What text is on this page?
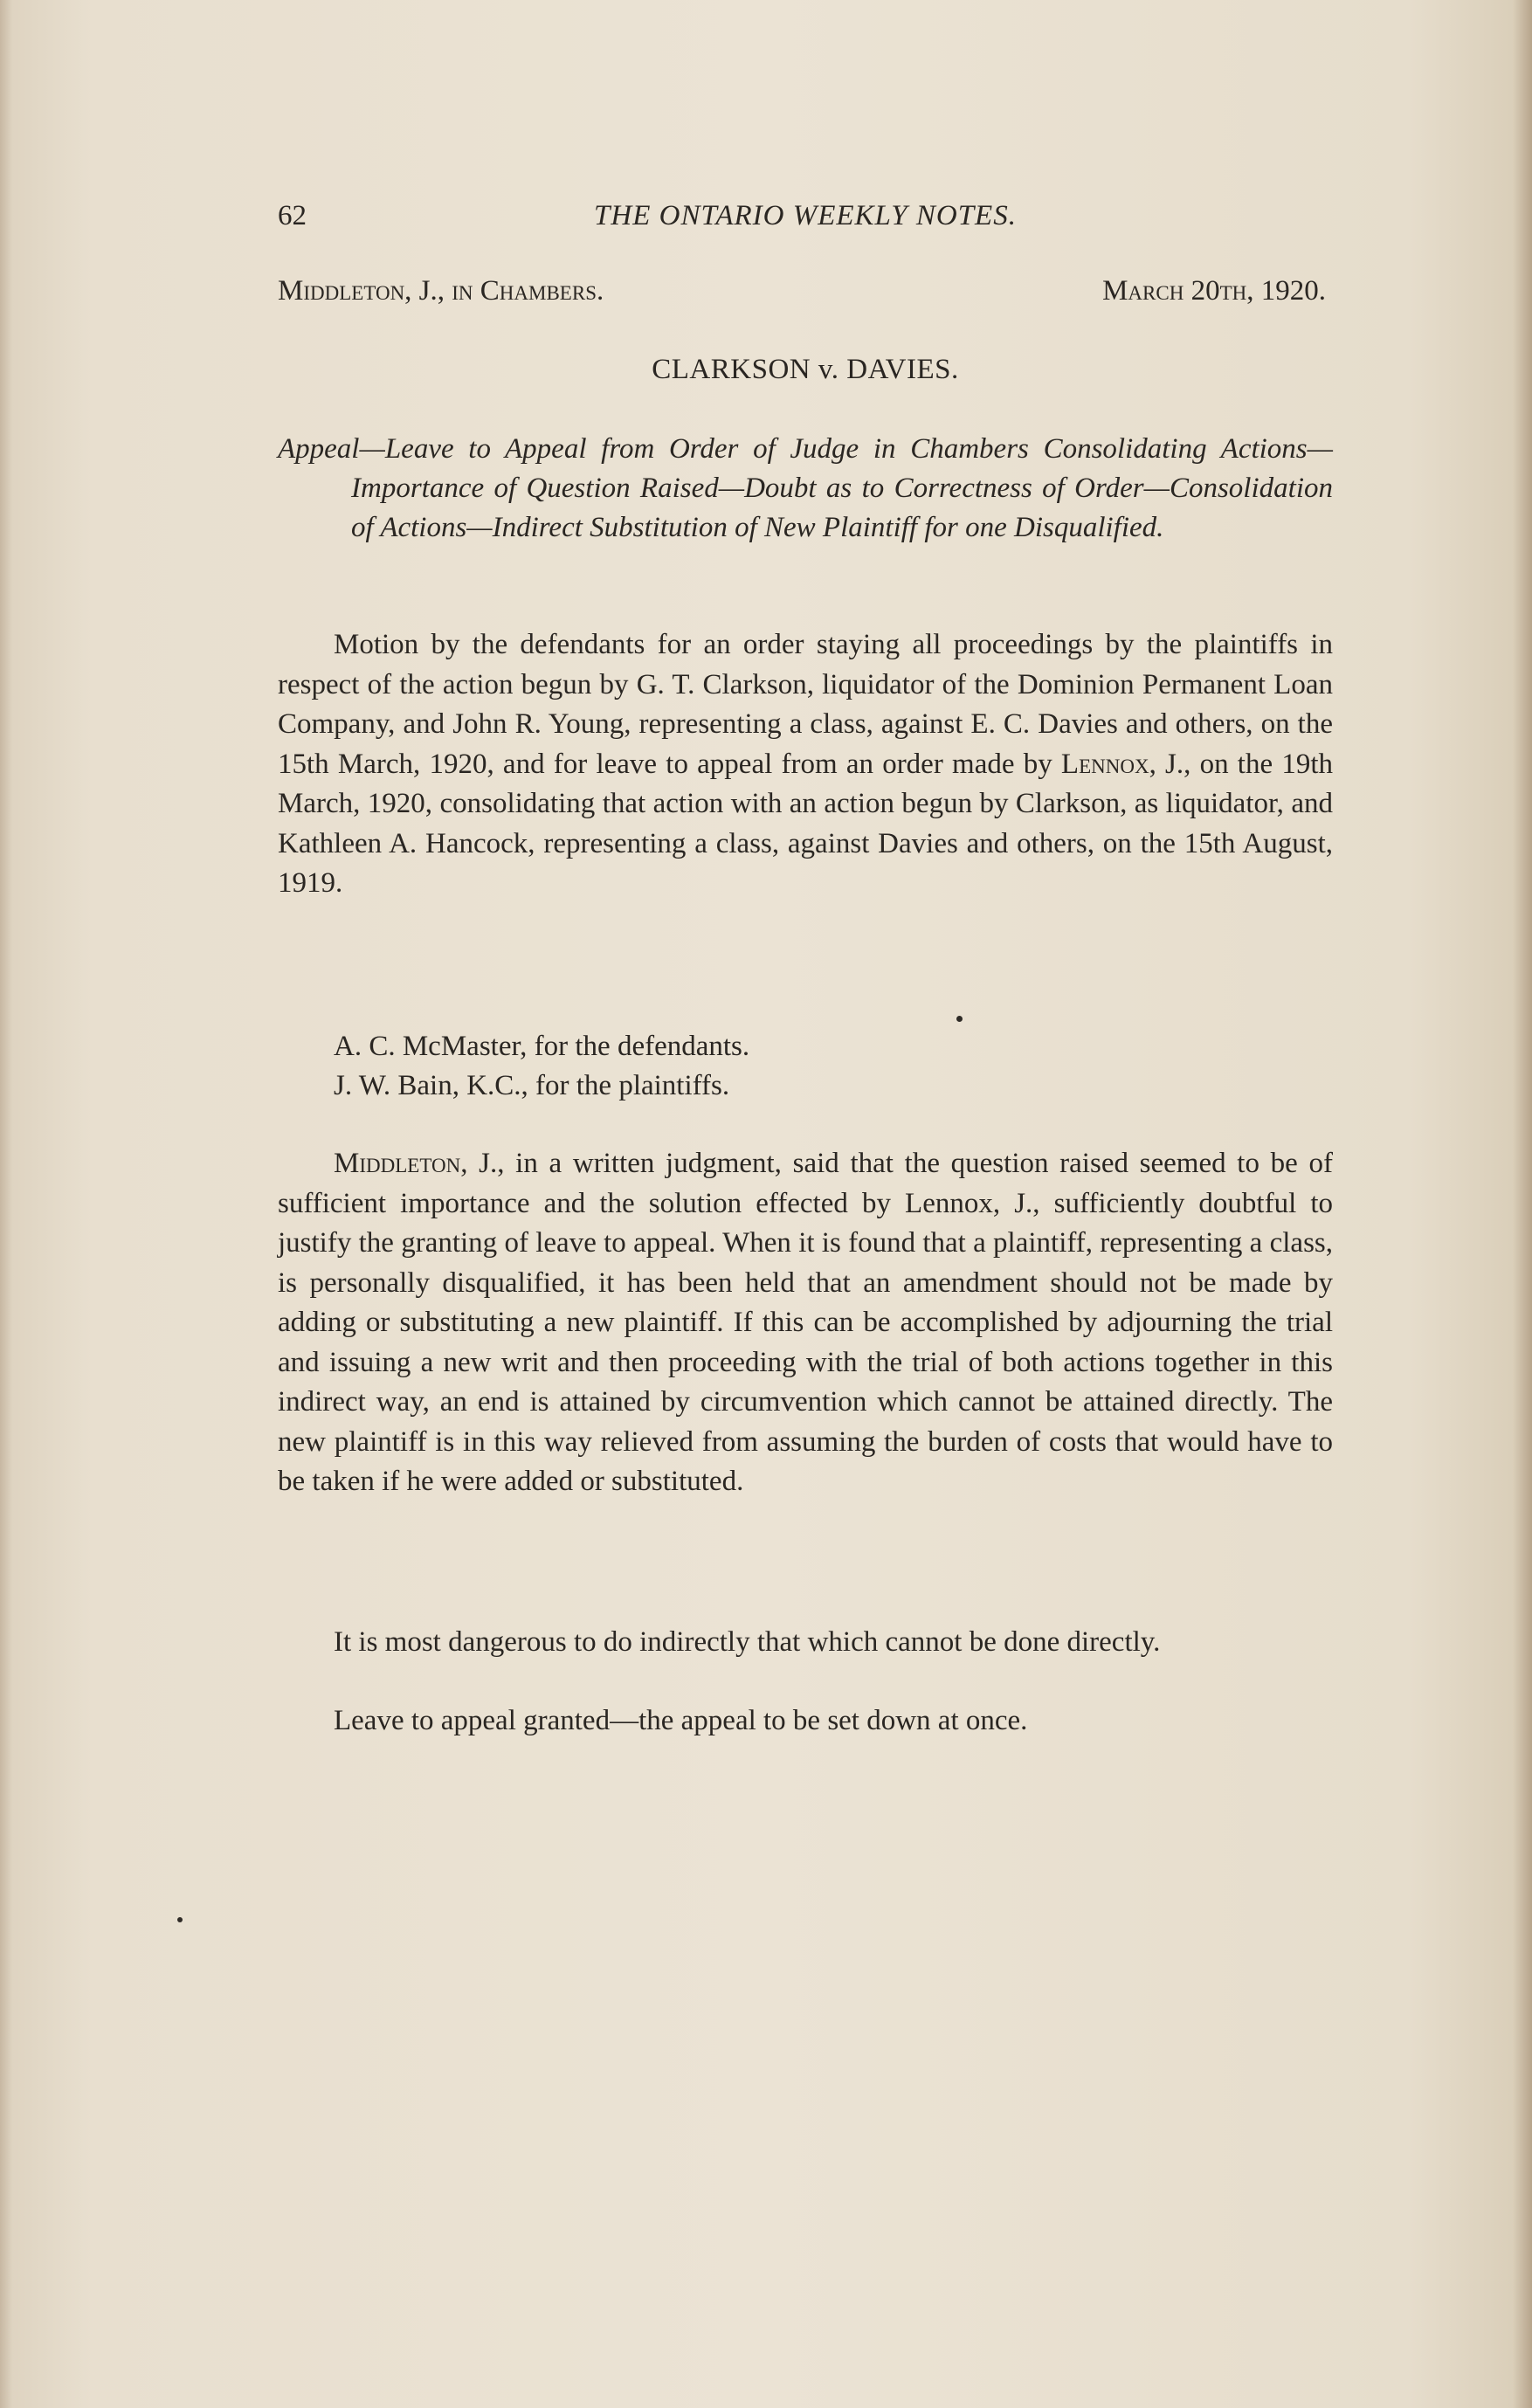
62	THE ONTARIO WEEKLY NOTES.
Middleton, J., in Chambers.	March 20th, 1920.
CLARKSON v. DAVIES.
Appeal—Leave to Appeal from Order of Judge in Chambers Consolidating Actions—Importance of Question Raised—Doubt as to Correctness of Order—Consolidation of Actions—Indirect Substitution of New Plaintiff for one Disqualified.
Motion by the defendants for an order staying all proceedings by the plaintiffs in respect of the action begun by G. T. Clarkson, liquidator of the Dominion Permanent Loan Company, and John R. Young, representing a class, against E. C. Davies and others, on the 15th March, 1920, and for leave to appeal from an order made by Lennox, J., on the 19th March, 1920, consolidating that action with an action begun by Clarkson, as liquidator, and Kathleen A. Hancock, representing a class, against Davies and others, on the 15th August, 1919.
A. C. McMaster, for the defendants.
J. W. Bain, K.C., for the plaintiffs.
Middleton, J., in a written judgment, said that the question raised seemed to be of sufficient importance and the solution effected by Lennox, J., sufficiently doubtful to justify the granting of leave to appeal. When it is found that a plaintiff, representing a class, is personally disqualified, it has been held that an amendment should not be made by adding or substituting a new plaintiff. If this can be accomplished by adjourning the trial and issuing a new writ and then proceeding with the trial of both actions together in this indirect way, an end is attained by circumvention which cannot be attained directly. The new plaintiff is in this way relieved from assuming the burden of costs that would have to be taken if he were added or substituted.
It is most dangerous to do indirectly that which cannot be done directly.
Leave to appeal granted—the appeal to be set down at once.
